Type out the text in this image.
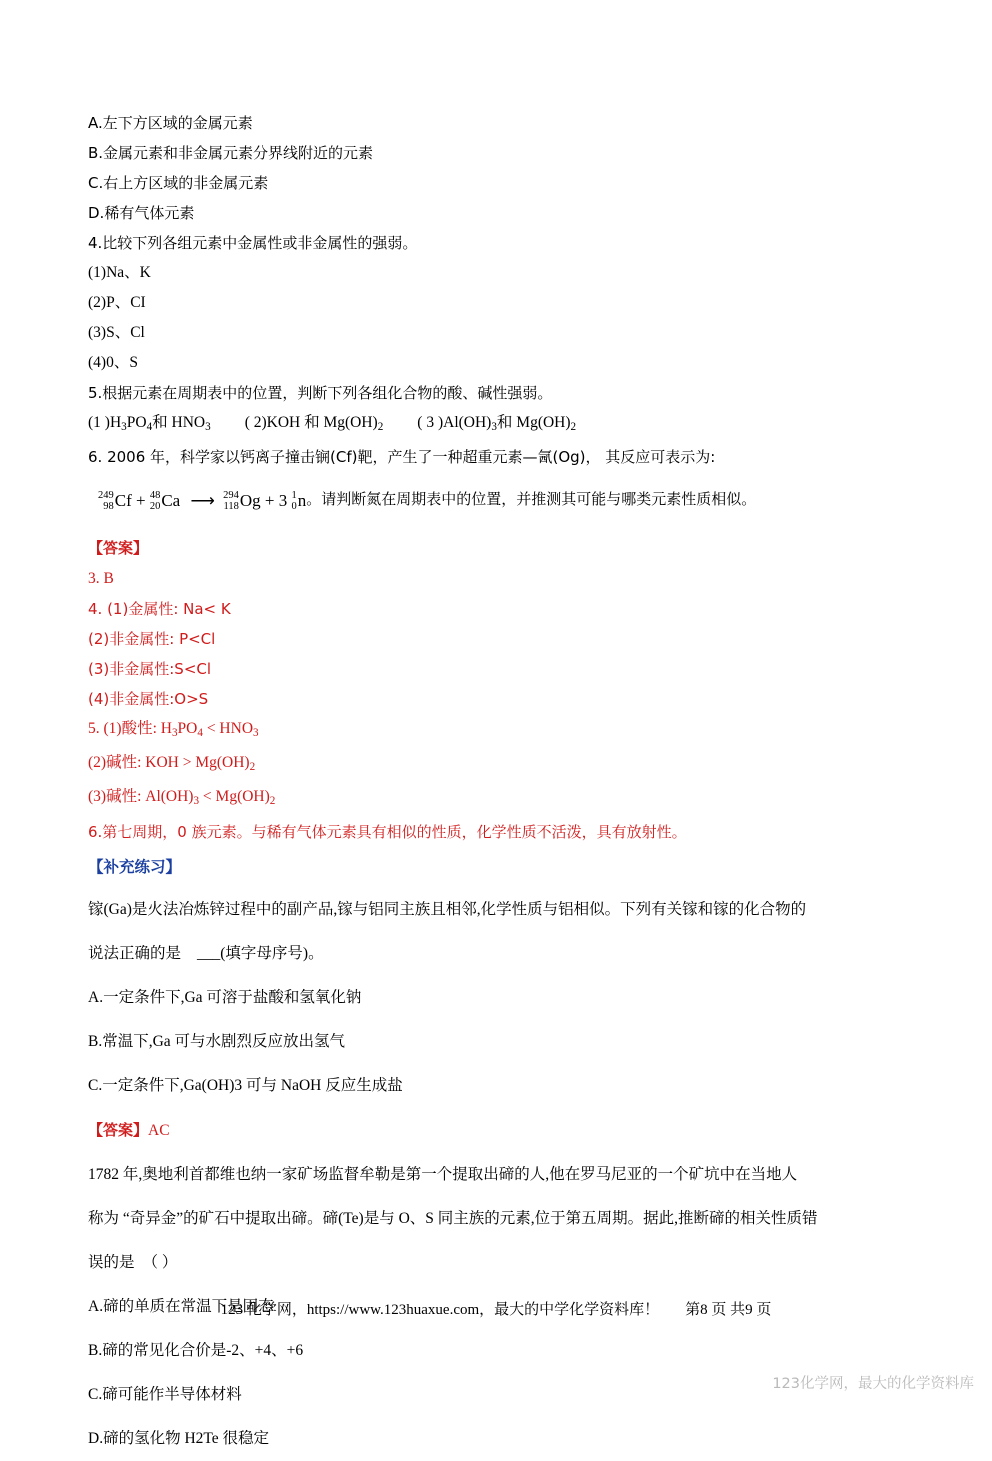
A.左下方区域的金属元素
B.金属元素和非金属元素分界线附近的元素
C.右上方区域的非金属元素
D.稀有气体元素
4.比较下列各组元素中金属性或非金属性的强弱。
(1)Na、K
(2)P、CI
(3)S、Cl
(4)0、S
5.根据元素在周期表中的位置，判断下列各组化合物的酸、碱性强弱。
(1 )$H_3PO_4$和 $HNO_3$ ( 2)KOH 和 $Mg(OH)_2$ ( 3 )$Al(OH)_3$和 $Mg(OH)_2$
6. 2006 年，科学家以钙离子撞击锎(Cf)靶，产生了一种超重元素—氥(Og)， 其反应可表示为:
249
98 Cf + 48
20 Ca ⟶ 294
118 Og + 3 1
0 n。请判断氮在周期表中的位置，并推测其可能与哪类元素性质相似。
【答案】
3. B
4. (1)金属性: Na< K
(2)非金属性: P<Cl
(3)非金属性:S<Cl
(4)非金属性:O>S
5. (1)酸性: $H_3PO_4 < HNO_3$
(2)碱性: KOH > $Mg(OH)_2$
(3)碱性: $Al(OH)_3 < Mg(OH)_2$
6.第七周期，0 族元素。与稀有气体元素具有相似的性质，化学性质不活泼，具有放射性。
【补充练习】
镓(Ga)是火法冶炼锌过程中的副产品,镓与铝同主族且相邻,化学性质与铝相似。下列有关镓和镓的化合物的
说法正确的是 ___(填字母序号)。
A.一定条件下,Ga 可溶于盐酸和氢氧化钠
B.常温下,Ga 可与水剧烈反应放出氢气
C.一定条件下,Ga(OH)3 可与 NaOH 反应生成盐
【答案】AC
1782 年,奥地利首都维也纳一家矿场监督牟勒是第一个提取出碲的人,他在罗马尼亚的一个矿坑中在当地人
称为 “奇异金”的矿石中提取出碲。碲(Te)是与 O、S 同主族的元素,位于第五周期。据此,推断碲的相关性质错
误的是 （ ）
A.碲的单质在常温下是固态
B.碲的常见化合价是-2、+4、+6
C.碲可能作半导体材料
D.碲的氢化物 H2Te 很稳定
123 化学网，https://www.123huaxue.com，最大的中学化学资料库！ 第8 页 共9 页
123化学网，最大的化学资料库
